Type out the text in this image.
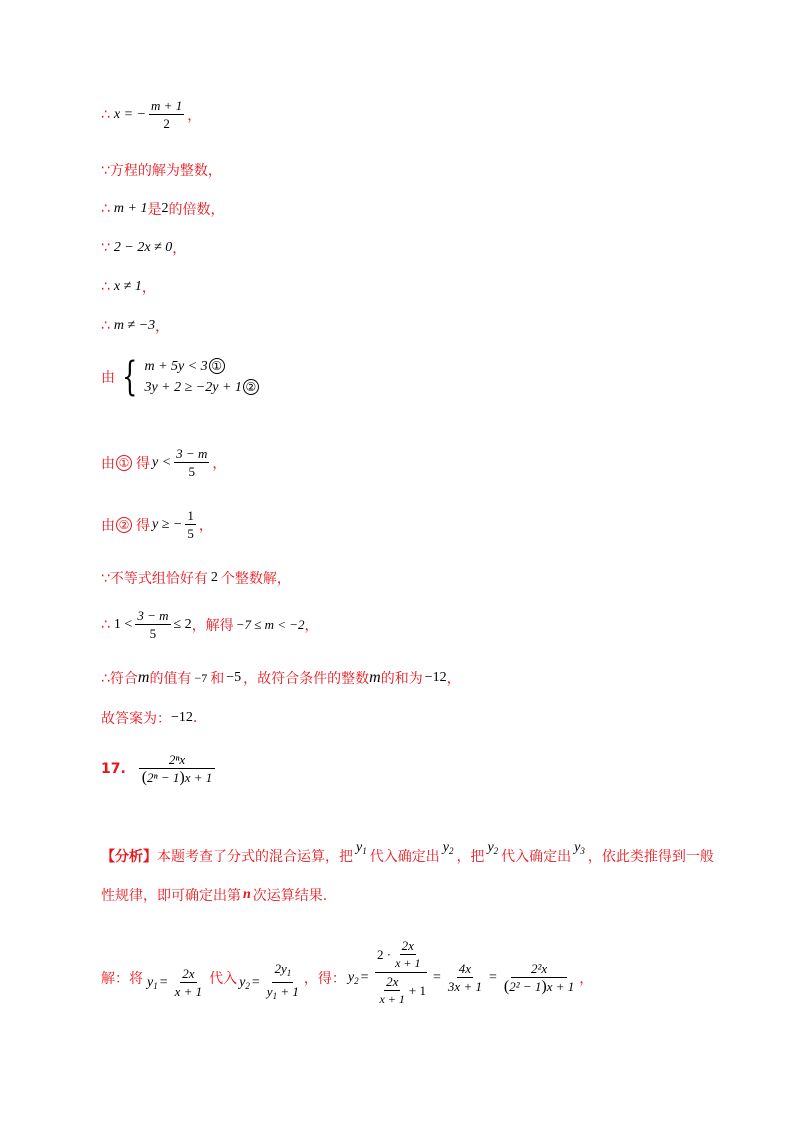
∴ x = − $\frac{m + 1}{2}$ ，
∵方程的解为整数，
∴ m + 1 是 2 的倍数，
∵ 2 − 2x ≠ 0 ，
∴ x ≠ 1 ，
∴ m ≠ −3 ，
由 { m + 5y < 3 ①
3y + 2 ≥ −2y + 1 ②
由 ① 得 $y < \frac{3 - m}{5}$ ，
由 ② 得 y ≥ − $\frac{1}{5}$ ，
∵不等式组恰好有 2 个整数解，
∴ $1 < \frac{3 - m}{5} \le 2$ ，解得 −7 ≤ m < −2 ，
∴符合 m 的值有 −7 和 −5 ，故符合条件的整数 m 的和为 −12 ，
故答案为： −12 .
17. $\frac{\text{2ⁿx}}{\text{(2ⁿ − 1)x + 1}}$
【分析】 本题考查了分式的混合运算，把
$y_1$ 代入确定出
$y_2$ ，把
$y_2$ 代入确定出
$y_3$ ，依此类推得到一般
性规律，即可确定出第 n 次运算结果.
解：将 $y_1 = \frac{2x}{x + 1}$ 代入 $y_2 = \frac{2y_1}{y_1 + 1}$ ，得： $y_2 = \frac{2 \cdot \frac{2x}{x + 1}}{\frac{2x}{x + 1} + 1} = \frac{4x}{3x + 1} = \frac{\text{2²x}}{\text{(2² − 1)x + 1}}$ ，
